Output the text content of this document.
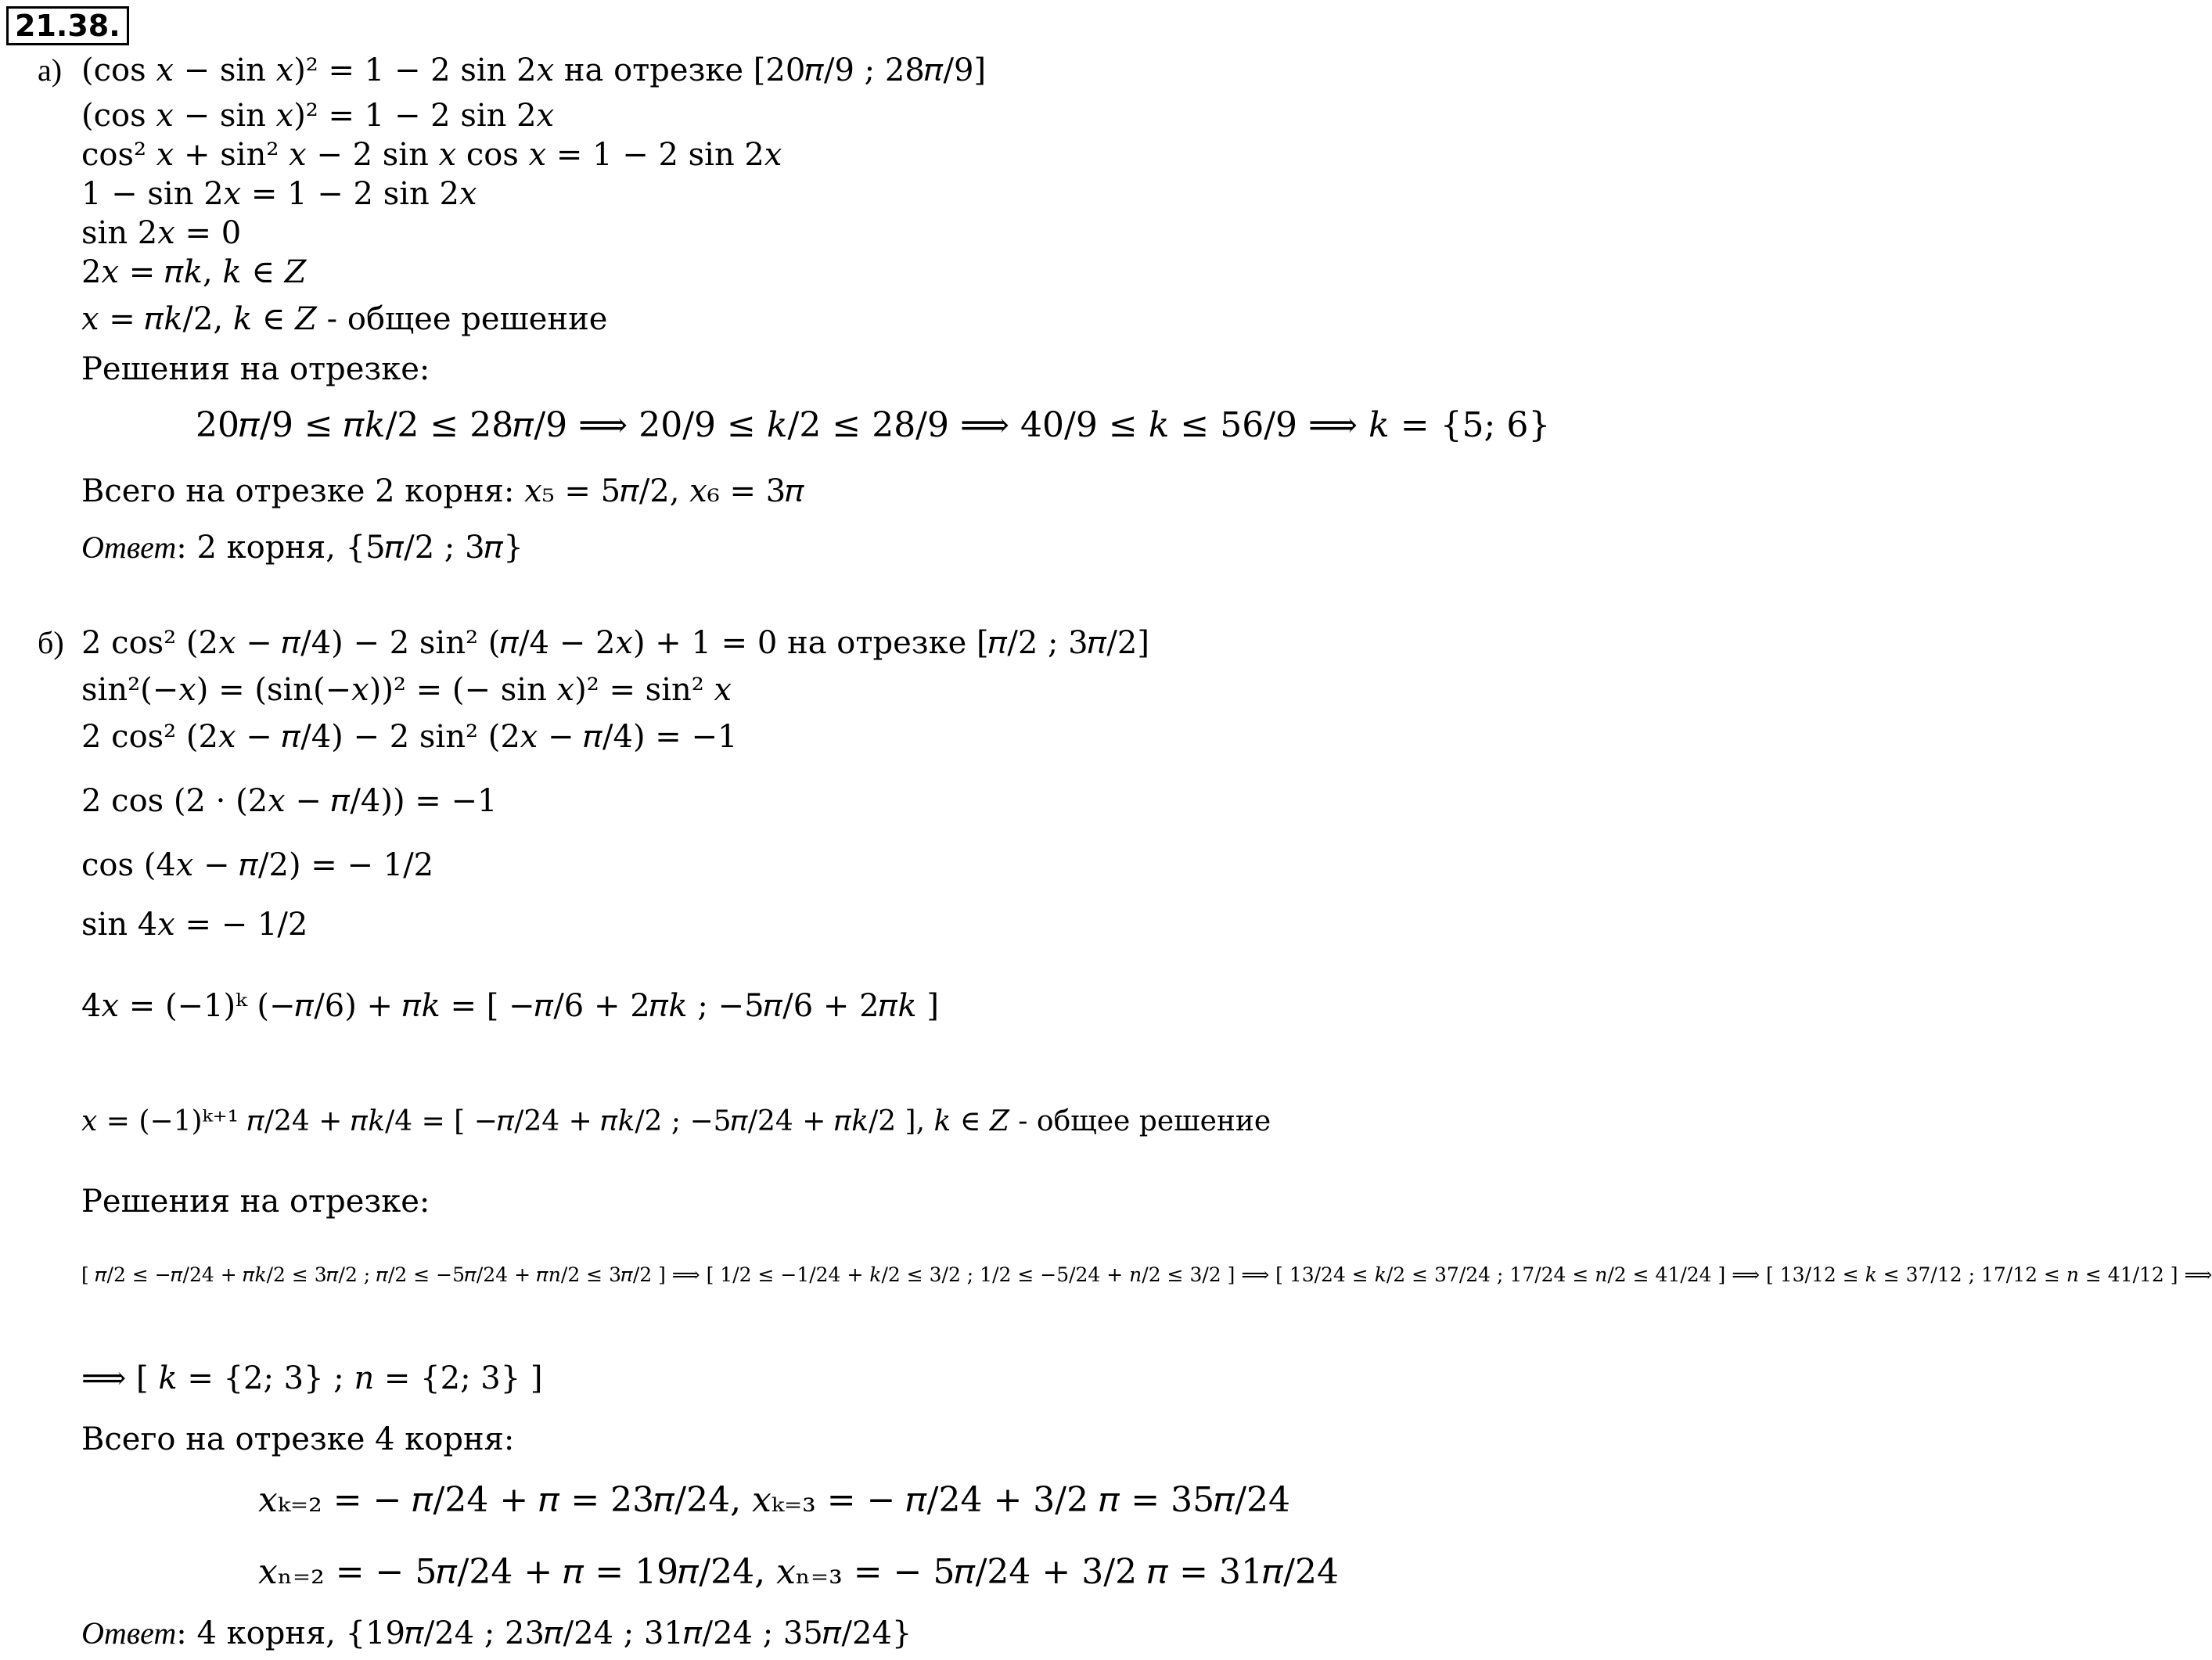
21.38.
а) (cos 𝑥 − sin 𝑥)² = 1 − 2 sin 2𝑥 на отрезке [20𝜋/9 ; 28𝜋/9]
(cos 𝑥 − sin 𝑥)² = 1 − 2 sin 2𝑥
cos² 𝑥 + sin² 𝑥 − 2 sin 𝑥 cos 𝑥 = 1 − 2 sin 2𝑥
1 − sin 2𝑥 = 1 − 2 sin 2𝑥
sin 2𝑥 = 0
2𝑥 = 𝜋𝑘, 𝑘 ∈ 𝑍
𝑥 = 𝜋𝑘/2, 𝑘 ∈ 𝑍 - общее решение
Решения на отрезке:
20𝜋/9 ≤ 𝜋𝑘/2 ≤ 28𝜋/9 ⟹ 20/9 ≤ 𝑘/2 ≤ 28/9 ⟹ 40/9 ≤ 𝑘 ≤ 56/9 ⟹ 𝑘 = {5; 6}
Всего на отрезке 2 корня: 𝑥₅ = 5𝜋/2, 𝑥₆ = 3𝜋
Ответ: 2 корня, {5𝜋/2 ; 3𝜋}
б) 2 cos² (2𝑥 − 𝜋/4) − 2 sin² (𝜋/4 − 2𝑥) + 1 = 0 на отрезке [𝜋/2 ; 3𝜋/2]
sin²(−𝑥) = (sin(−𝑥))² = (− sin 𝑥)² = sin² 𝑥
2 cos² (2𝑥 − 𝜋/4) − 2 sin² (2𝑥 − 𝜋/4) = −1
2 cos (2 · (2𝑥 − 𝜋/4)) = −1
cos (4𝑥 − 𝜋/2) = − 1/2
sin 4𝑥 = − 1/2
4𝑥 = (−1)ᵏ (−𝜋/6) + 𝜋𝑘 = [ −𝜋/6 + 2𝜋𝑘 ; −5𝜋/6 + 2𝜋𝑘 ]
𝑥 = (−1)ᵏ⁺¹ 𝜋/24 + 𝜋𝑘/4 = [ −𝜋/24 + 𝜋𝑘/2 ; −5𝜋/24 + 𝜋𝑘/2 ], 𝑘 ∈ 𝑍 - общее решение
Решения на отрезке:
[ 𝜋/2 ≤ −𝜋/24 + 𝜋𝑘/2 ≤ 3𝜋/2 ; 𝜋/2 ≤ −5𝜋/24 + 𝜋𝑛/2 ≤ 3𝜋/2 ] ⟹ [ 1/2 ≤ −1/24 + 𝑘/2 ≤ 3/2 ; 1/2 ≤ −5/24 + 𝑛/2 ≤ 3/2 ] ⟹ [ 13/24 ≤ 𝑘/2 ≤ 37/24 ; 17/24 ≤ 𝑛/2 ≤ 41/24 ] ⟹ [ 13/12 ≤ 𝑘 ≤ 37/12 ; 17/12 ≤ 𝑛 ≤ 41/12 ] ⟹
⟹ [ 𝑘 = {2; 3} ; 𝑛 = {2; 3} ]
Всего на отрезке 4 корня:
𝑥ₖ₌₂ = − 𝜋/24 + 𝜋 = 23𝜋/24, 𝑥ₖ₌₃ = − 𝜋/24 + 3/2 𝜋 = 35𝜋/24
𝑥ₙ₌₂ = − 5𝜋/24 + 𝜋 = 19𝜋/24, 𝑥ₙ₌₃ = − 5𝜋/24 + 3/2 𝜋 = 31𝜋/24
Ответ: 4 корня, {19𝜋/24 ; 23𝜋/24 ; 31𝜋/24 ; 35𝜋/24}
